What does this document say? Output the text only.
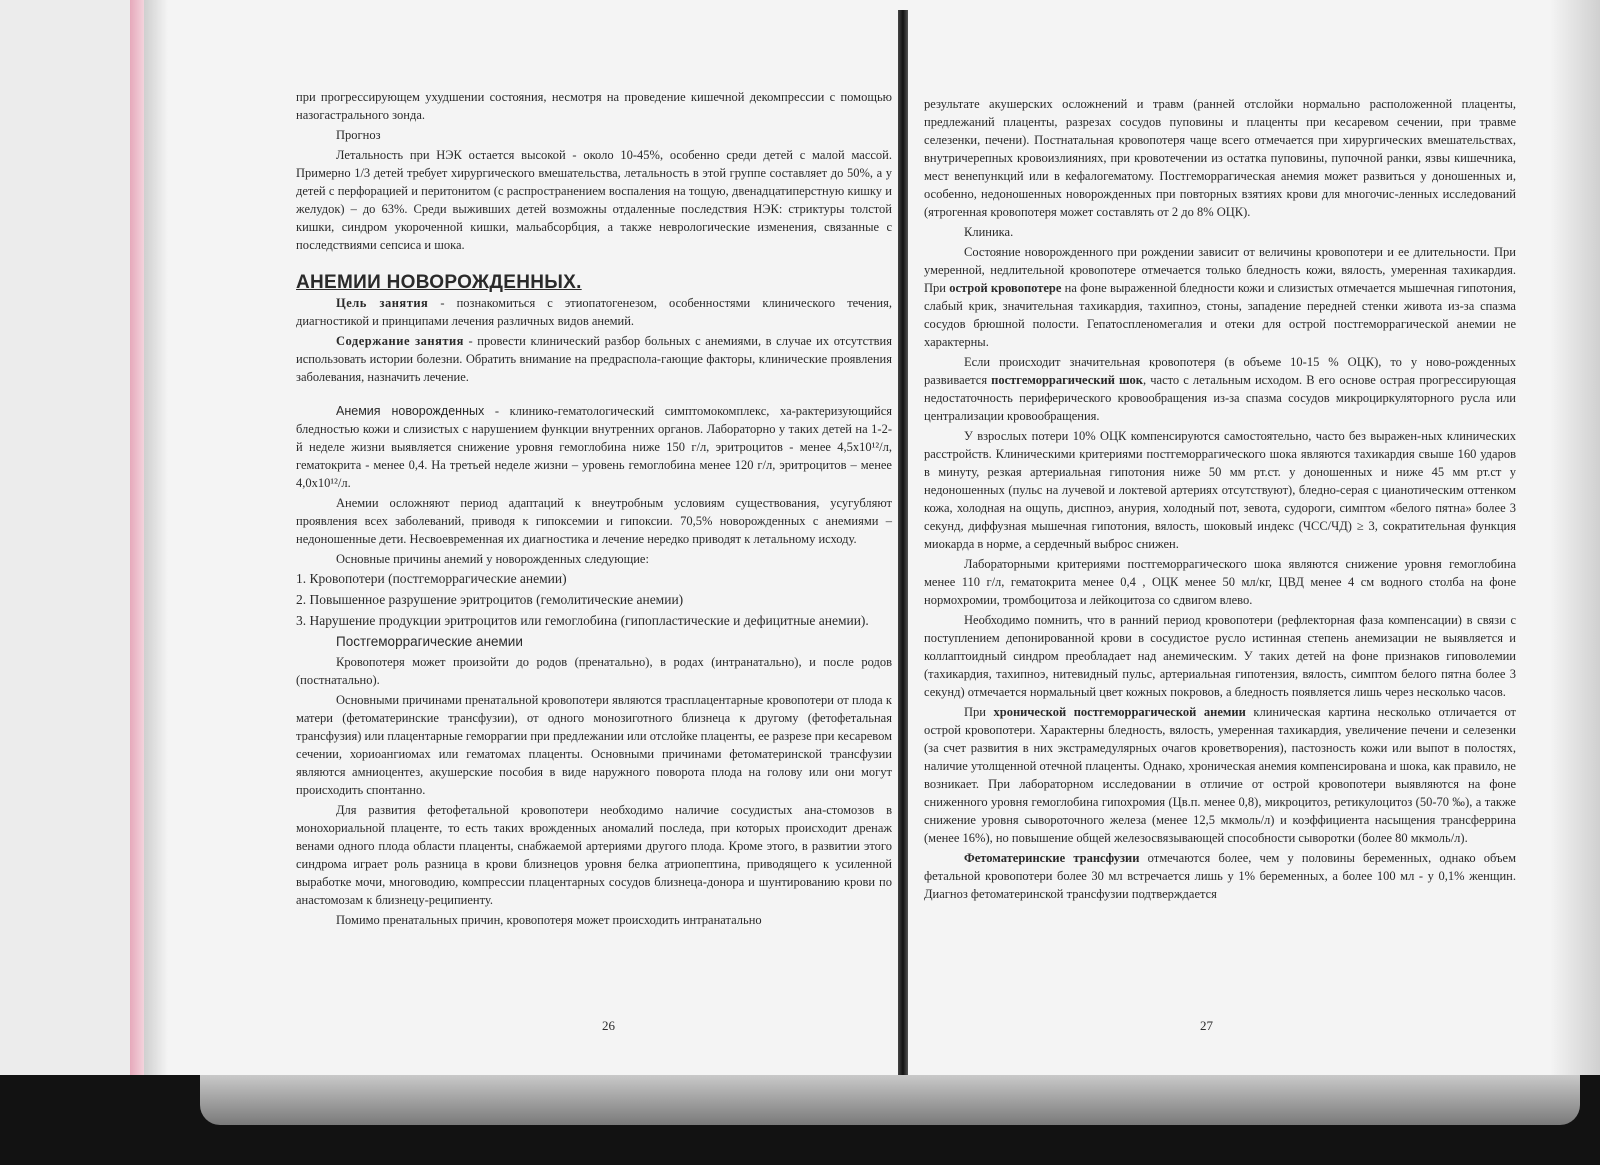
при прогрессирующем ухудшении состояния, несмотря на проведение кишечной декомпрессии с помощью назогастрального зонда.

Прогноз

Летальность при НЭК остается высокой - около 10-45%, особенно среди детей с малой массой. Примерно 1/3 детей требует хирургического вмешательства, летальность в этой группе составляет до 50%, а у детей с перфорацией и перитонитом (с распространением воспаления на тощую, двенадцатиперстную кишку и желудок) – до 63%. Среди выживших детей возможны отдаленные последствия НЭК: стриктуры толстой кишки, синдром укороченной кишки, мальабсорбция, а также неврологические изменения, связанные с последствиями сепсиса и шока.

АНЕМИИ НОВОРОЖДЕННЫХ.

Цель занятия - познакомиться с этиопатогенезом, особенностями клинического течения, диагностикой и принципами лечения различных видов анемий.

Содержание занятия - провести клинический разбор больных с анемиями, в случае их отсутствия использовать истории болезни. Обратить внимание на предраспола-гающие факторы, клинические проявления заболевания, назначить лечение.

Анемия новорожденных - клинико-гематологический симптомокомплекс, ха-рактеризующийся бледностью кожи и слизистых с нарушением функции внутренних органов. Лабораторно у таких детей на 1-2-й неделе жизни выявляется снижение уровня гемоглобина ниже 150 г/л, эритроцитов - менее 4,5х10¹²/л, гематокрита - менее 0,4. На третьей неделе жизни – уровень гемоглобина менее 120 г/л, эритроцитов – менее 4,0х10¹²/л.

Анемии осложняют период адаптаций к внеутробным условиям существования, усугубляют проявления всех заболеваний, приводя к гипоксемии и гипоксии. 70,5% новорожденных с анемиями – недоношенные дети. Несвоевременная их диагностика и лечение нередко приводят к летальному исходу.

Основные причины анемий у новорожденных следующие:

1. Кровопотери (постгеморрагические анемии)
2. Повышенное разрушение эритроцитов (гемолитические анемии)
3. Нарушение продукции эритроцитов или гемоглобина (гипопластические и дефицитные анемии).

Постгеморрагические анемии

Кровопотеря может произойти до родов (пренатально), в родах (интранатально), и после родов (постнатально).

Основными причинами пренатальной кровопотери являются трасплацентарные кровопотери от плода к матери (фетоматеринские трансфузии), от одного монозиготного близнеца к другому (фетофетальная трансфузия) или плацентарные геморрагии при предлежании или отслойке плаценты, ее разрезе при кесаревом сечении, хориоангиомах или гематомах плаценты. Основными причинами фетоматеринской трансфузии являются амниоцентез, акушерские пособия в виде наружного поворота плода на голову или они могут происходить спонтанно.

Для развития фетофетальной кровопотери необходимо наличие сосудистых ана-стомозов в монохориальной плаценте, то есть таких врожденных аномалий последа, при которых происходит дренаж венами одного плода области плаценты, снабжаемой артериями другого плода. Кроме этого, в развитии этого синдрома играет роль разница в крови близнецов уровня белка атриопептина, приводящего к усиленной выработке мочи, многоводию, компрессии плацентарных сосудов близнеца-донора и шунтированию крови по анастомозам к близнецу-реципиенту.

Помимо пренатальных причин, кровопотеря может происходить интранатально

26

результате акушерских осложнений и травм (ранней отслойки нормально расположенной плаценты, предлежаний плаценты, разрезах сосудов пуповины и плаценты при кесаревом сечении, при травме селезенки, печени). Постнатальная кровопотеря чаще всего отмечается при хирургических вмешательствах, внутричерепных кровоизлияниях, при кровотечении из остатка пуповины, пупочной ранки, язвы кишечника, мест венепункций или в кефалогематому. Постгеморрагическая анемия может развиться у доношенных и, особенно, недоношенных новорожденных при повторных взятиях крови для многочис-ленных исследований (ятрогенная кровопотеря может составлять от 2 до 8% ОЦК).

Клиника.

Состояние новорожденного при рождении зависит от величины кровопотери и ее длительности. При умеренной, недлительной кровопотере отмечается только бледность кожи, вялость, умеренная тахикардия. При острой кровопотере на фоне выраженной бледности кожи и слизистых отмечается мышечная гипотония, слабый крик, значительная тахикардия, тахипноэ, стоны, западение передней стенки живота из-за спазма сосудов брюшной полости. Гепатоспленомегалия и отеки для острой постгеморрагической анемии не характерны.

Если происходит значительная кровопотеря (в объеме 10-15 % ОЦК), то у ново-рожденных развивается постгеморрагический шок, часто с летальным исходом. В его основе острая прогрессирующая недостаточность периферического кровообращения из-за спазма сосудов микроциркуляторного русла или централизации кровообращения.

У взрослых потери 10% ОЦК компенсируются самостоятельно, часто без выражен-ных клинических расстройств. Клиническими критериями постгеморрагического шока являются тахикардия свыше 160 ударов в минуту, резкая артериальная гипотония ниже 50 мм рт.ст. у доношенных и ниже 45 мм рт.ст у недоношенных (пульс на лучевой и локтевой артериях отсутствуют), бледно-серая с цианотическим оттенком кожа, холодная на ощупь, диспноэ, анурия, холодный пот, зевота, судороги, симптом «белого пятна» более 3 секунд, диффузная мышечная гипотония, вялость, шоковый индекс (ЧСС/ЧД) ≥ 3, сократительная функция миокарда в норме, а сердечный выброс снижен.

Лабораторными критериями постгеморрагического шока являются снижение уровня гемоглобина менее 110 г/л, гематокрита менее 0,4 , ОЦК менее 50 мл/кг, ЦВД менее 4 см водного столба на фоне нормохромии, тромбоцитоза и лейкоцитоза со сдвигом влево.

Необходимо помнить, что в ранний период кровопотери (рефлекторная фаза компенсации) в связи с поступлением депонированной крови в сосудистое русло истинная степень анемизации не выявляется и коллаптоидный синдром преобладает над анемическим. У таких детей на фоне признаков гиповолемии (тахикардия, тахипноэ, нитевидный пульс, артериальная гипотензия, вялость, симптом белого пятна более 3 секунд) отмечается нормальный цвет кожных покровов, а бледность появляется лишь через несколько часов.

При хронической постгеморрагической анемии клиническая картина несколько отличается от острой кровопотери. Характерны бледность, вялость, умеренная тахикардия, увеличение печени и селезенки (за счет развития в них экстрамедулярных очагов кроветворения), пастозность кожи или выпот в полостях, наличие утолщенной отечной плаценты. Однако, хроническая анемия компенсирована и шока, как правило, не возникает. При лабораторном исследовании в отличие от острой кровопотери выявляются на фоне сниженного уровня гемоглобина гипохромия (Цв.п. менее 0,8), микроцитоз, ретикулоцитоз (50-70 ‰), а также снижение уровня сывороточного железа (менее 12,5 мкмоль/л) и коэффициента насыщения трансферрина (менее 16%), но повышение общей железосвязывающей способности сыворотки (более 80 мкмоль/л).

Фетоматеринские трансфузии отмечаются более, чем у половины беременных, однако объем фетальной кровопотери более 30 мл встречается лишь у 1% беременных, а более 100 мл - у 0,1% женщин. Диагноз фетоматеринской трансфузии подтверждается

27
